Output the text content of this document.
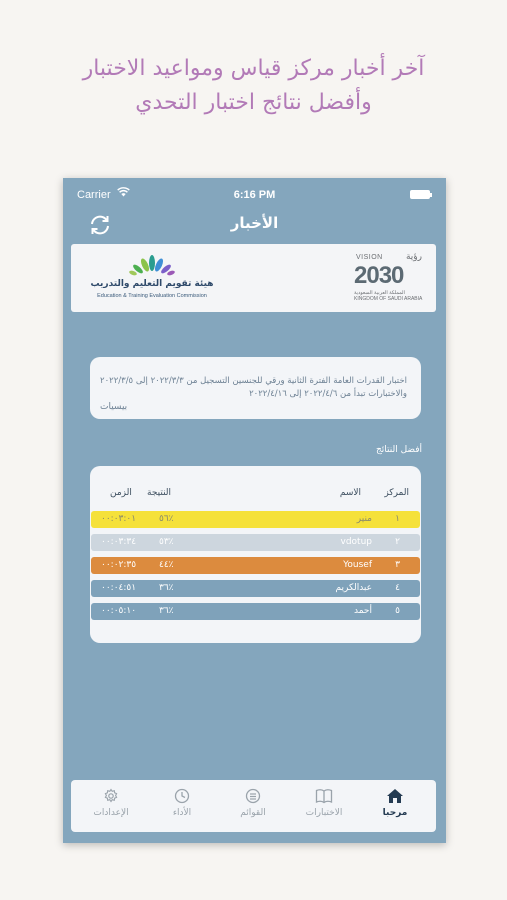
آخر أخبار مركز قياس ومواعيد الاختبار
وأفضل نتائج اختبار التحدي
Carrier	6:16 PM
الأخبار
هيئة تقويم التعليم والتدريب
Education & Training Evaluation Commission
VISION	رؤية
2030
المملكة العربية السعودية KINGDOM OF SAUDI ARABIA
اختبار القدرات العامة الفترة الثانية ورقي للجنسين التسجيل من ٢٠٢٢/٣/٣ إلى ٢٠٢٢/٣/٥ والاختبارات تبدأ من ٢٠٢٢/٤/٦ إلى ٢٠٢٢/٤/١٦
بيسيات
أفضل النتائج
المركز
الاسم
النتيجة
الزمن
١
منير
٪٥٦
٠٠:٠٣:٠١
٢
vdotup
٪٥٣
٠٠:٠٣:٣٤
٣
Yousef
٪٤٤
٠٠:٠٢:٣٥
٤
عبدالكريم
٪٣٦
٠٠:٠٤:٥١
٥
أحمد
٪٣٦
٠٠:٠٥:١٠
مرحبا
الاختبارات
القوائم
الأداء
الإعدادات
